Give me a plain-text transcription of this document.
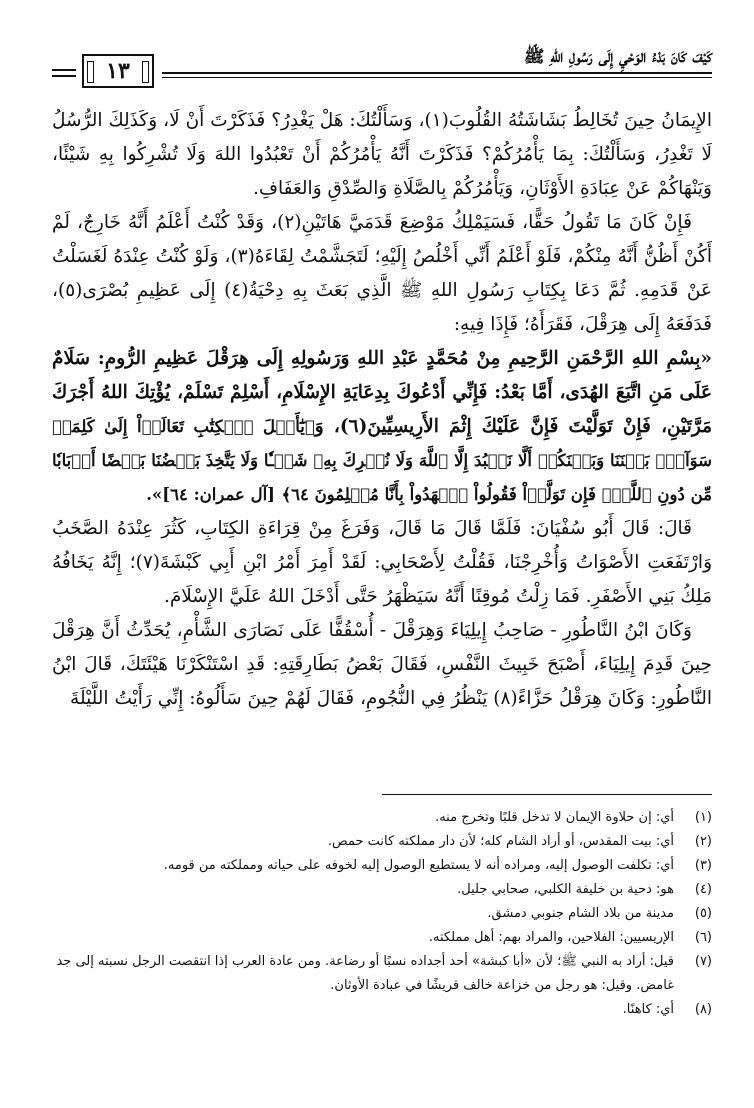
كَيْفَ كَانَ بَدْءُ الوَحْيِ إِلَى رَسُولِ اللهِ ﷺ
١٣

الإِيمَانُ حِينَ تُخَالِطُ بَشَاشَتُهُ القُلُوبَ(١)، وَسَأَلْتُكَ: هَلْ يَغْدِرُ؟ فَذَكَرْتَ أَنْ لَا، وَكَذَلِكَ الرُّسُلُ لَا تَغْدِرُ، وَسَأَلْتُكَ: بِمَا يَأْمُرُكُمْ؟ فَذَكَرْتَ أَنَّهُ يَأْمُرُكُمْ أَنْ تَعْبُدُوا اللهَ وَلَا تُشْرِكُوا بِهِ شَيْئًا، وَيَنْهَاكُمْ عَنْ عِبَادَةِ الأَوْثَانِ، وَيَأْمُرُكُمْ بِالصَّلَاةِ وَالصِّدْقِ وَالعَفَافِ.

فَإِنْ كَانَ مَا تَقُولُ حَقًّا، فَسَيَمْلِكُ مَوْضِعَ قَدَمَيَّ هَاتَيْنِ(٢)، وَقَدْ كُنْتُ أَعْلَمُ أَنَّهُ خَارِجٌ، لَمْ أَكُنْ أَظُنُّ أَنَّهُ مِنْكُمْ، فَلَوْ أَعْلَمُ أَنِّي أَخْلُصُ إِلَيْهِ؛ لَتَجَشَّمْتُ لِقَاءَهُ(٣)، وَلَوْ كُنْتُ عِنْدَهُ لَغَسَلْتُ عَنْ قَدَمِهِ. ثُمَّ دَعَا بِكِتَابِ رَسُولِ اللهِ ﷺ الَّذِي بَعَثَ بِهِ دِحْيَةُ(٤) إِلَى عَظِيمِ بُصْرَى(٥)، فَدَفَعَهُ إِلَى هِرَقْلَ، فَقَرَأَهُ؛ فَإِذَا فِيهِ:

«بِسْمِ اللهِ الرَّحْمَنِ الرَّحِيمِ مِنْ مُحَمَّدٍ عَبْدِ اللهِ وَرَسُولِهِ إِلَى هِرَقْلَ عَظِيمِ الرُّومِ: سَلَامٌ عَلَى مَنِ اتَّبَعَ الهُدَى، أَمَّا بَعْدُ: فَإِنِّي أَدْعُوكَ بِدِعَايَةِ الإِسْلَامِ، أَسْلِمْ تَسْلَمْ، يُؤْتِكَ اللهُ أَجْرَكَ مَرَّتَيْنِ، فَإِنْ تَوَلَّيْتَ فَإِنَّ عَلَيْكَ إِثْمَ الأَرِيسِيِّينَ(٦)، وَ﴿يَٰٓأَهۡلَ ٱلۡكِتَٰبِ تَعَالَوۡاْ إِلَىٰ كَلِمَةٖ سَوَآءِۭ بَيۡنَنَا وَبَيۡنَكُمۡ أَلَّا نَعۡبُدَ إِلَّا ٱللَّهَ وَلَا نُشۡرِكَ بِهِۦ شَيۡـٔٗا وَلَا يَتَّخِذَ بَعۡضُنَا بَعۡضًا أَرۡبَابٗا مِّن دُونِ ٱللَّهِۚ فَإِن تَوَلَّوۡاْ فَقُولُواْ ٱشۡهَدُواْ بِأَنَّا مُسۡلِمُونَ ٦٤﴾ [آل عمران: ٦٤]».

قَالَ: قَالَ أَبُو سُفْيَانَ: فَلَمَّا قَالَ مَا قَالَ، وَفَرَغَ مِنْ قِرَاءَةِ الكِتَابِ، كَثُرَ عِنْدَهُ الصَّخَبُ وَارْتَفَعَتِ الأَصْوَاتُ وَأُخْرِجْنَا، فَقُلْتُ لِأَصْحَابِي: لَقَدْ أَمِرَ أَمْرُ ابْنِ أَبِي كَبْشَةَ(٧)؛ إِنَّهُ يَخَافُهُ مَلِكُ بَنِي الأَصْفَرِ. فَمَا زِلْتُ مُوقِنًا أَنَّهُ سَيَظْهَرُ حَتَّى أَدْخَلَ اللهُ عَلَيَّ الإِسْلَامَ.

وَكَانَ ابْنُ النَّاطُورِ - صَاحِبُ إِيلِيَاءَ وَهِرَقْلَ - أُسْقُفًّا عَلَى نَصَارَى الشَّأْمِ، يُحَدِّثُ أَنَّ هِرَقْلَ حِينَ قَدِمَ إِيلِيَاءَ، أَصْبَحَ خَبِيثَ النَّفْسِ، فَقَالَ بَعْضُ بَطَارِقَتِهِ: قَدِ اسْتَنْكَرْنَا هَيْئَتَكَ، قَالَ ابْنُ النَّاطُورِ: وَكَانَ هِرَقْلُ حَزَّاءً(٨) يَنْظُرُ فِي النُّجُومِ، فَقَالَ لَهُمْ حِينَ سَأَلُوهُ: إِنِّي رَأَيْتُ اللَّيْلَةَ

(١)
أي: إن حلاوة الإيمان لا تدخل قلبًا وتخرج منه.
(٢)
أي: بيت المقدس، أو أراد الشام كله؛ لأن دار مملكته كانت حمص.
(٣)
أي: تكلفت الوصول إليه، ومراده أنه لا يستطيع الوصول إليه لخوفه على حياته ومملكته من قومه.
(٤)
هو: دحية بن خليفة الكلبي، صحابي جليل.
(٥)
مدينة من بلاد الشام جنوبي دمشق.
(٦)
الإريسيين: الفلاحين، والمراد بهم: أهل مملكته.
(٧)
قيل: أراد به النبي ﷺ؛ لأن «أبا كبشة» أحد أجداده نسبًا أو رضاعة. ومن عادة العرب إذا انتقصت الرجل نسبته إلى جد غامض. وقيل: هو رجل من خزاعة خالف قريشًا في عبادة الأوثان.
(٨)
أي: كاهنًا.
